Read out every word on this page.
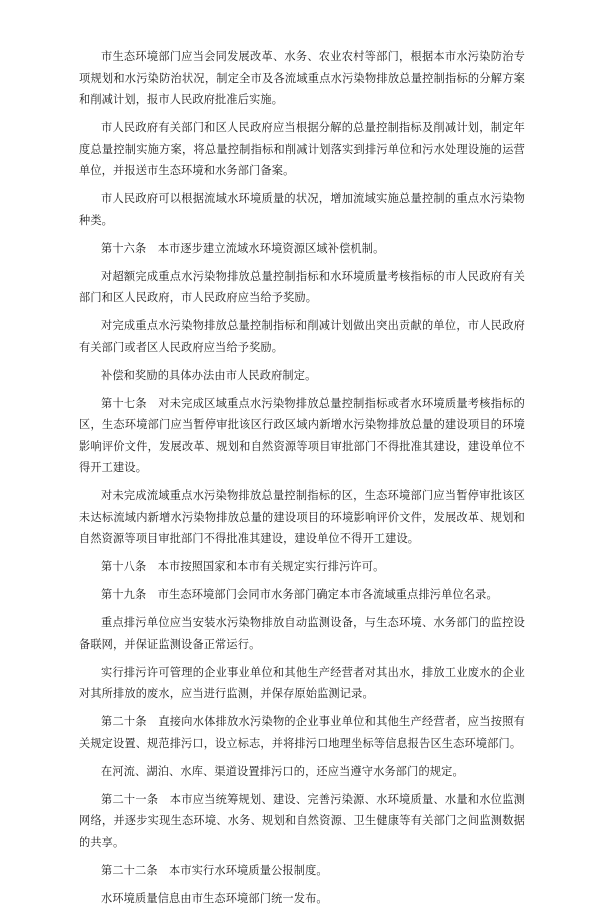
市生态环境部门应当会同发展改革、水务、农业农村等部门，根据本市水污染防治专项规划和水污染防治状况，制定全市及各流域重点水污染物排放总量控制指标的分解方案和削减计划，报市人民政府批准后实施。

市人民政府有关部门和区人民政府应当根据分解的总量控制指标及削减计划，制定年度总量控制实施方案，将总量控制指标和削减计划落实到排污单位和污水处理设施的运营单位，并报送市生态环境和水务部门备案。

市人民政府可以根据流域水环境质量的状况，增加流域实施总量控制的重点水污染物种类。

第十六条　本市逐步建立流域水环境资源区域补偿机制。

对超额完成重点水污染物排放总量控制指标和水环境质量考核指标的市人民政府有关部门和区人民政府，市人民政府应当给予奖励。

对完成重点水污染物排放总量控制指标和削减计划做出突出贡献的单位，市人民政府有关部门或者区人民政府应当给予奖励。

补偿和奖励的具体办法由市人民政府制定。

第十七条　对未完成区域重点水污染物排放总量控制指标或者水环境质量考核指标的区，生态环境部门应当暂停审批该区行政区域内新增水污染物排放总量的建设项目的环境影响评价文件，发展改革、规划和自然资源等项目审批部门不得批准其建设，建设单位不得开工建设。

对未完成流域重点水污染物排放总量控制指标的区，生态环境部门应当暂停审批该区未达标流域内新增水污染物排放总量的建设项目的环境影响评价文件，发展改革、规划和自然资源等项目审批部门不得批准其建设，建设单位不得开工建设。

第十八条　本市按照国家和本市有关规定实行排污许可。

第十九条　市生态环境部门会同市水务部门确定本市各流域重点排污单位名录。

重点排污单位应当安装水污染物排放自动监测设备，与生态环境、水务部门的监控设备联网，并保证监测设备正常运行。

实行排污许可管理的企业事业单位和其他生产经营者对其出水，排放工业废水的企业对其所排放的废水，应当进行监测，并保存原始监测记录。

第二十条　直接向水体排放水污染物的企业事业单位和其他生产经营者，应当按照有关规定设置、规范排污口，设立标志，并将排污口地理坐标等信息报告区生态环境部门。

在河流、湖泊、水库、渠道设置排污口的，还应当遵守水务部门的规定。

第二十一条　本市应当统筹规划、建设、完善污染源、水环境质量、水量和水位监测网络，并逐步实现生态环境、水务、规划和自然资源、卫生健康等有关部门之间监测数据的共享。

第二十二条　本市实行水环境质量公报制度。

水环境质量信息由市生态环境部门统一发布。
